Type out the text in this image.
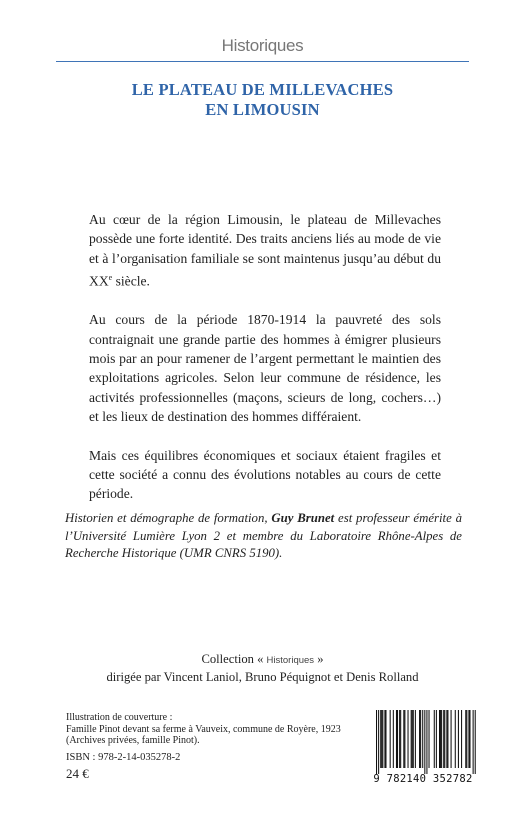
Historiques
LE PLATEAU DE MILLEVACHES
EN LIMOUSIN

Au cœur de la région Limousin, le plateau de Millevaches possède une forte identité. Des traits anciens liés au mode de vie et à l’organisation familiale se sont maintenus jusqu’au début du XXe siècle.

Au cours de la période 1870-1914 la pauvreté des sols contraignait une grande partie des hommes à émigrer plusieurs mois par an pour ramener de l’argent permettant le maintien des exploitations agricoles. Selon leur commune de résidence, les activités professionnelles (maçons, scieurs de long, cochers…) et les lieux de destination des hommes différaient.

Mais ces équilibres économiques et sociaux étaient fragiles et cette société a connu des évolutions notables au cours de cette période.

Historien et démographe de formation, Guy Brunet est professeur émérite à l’Université Lumière Lyon 2 et membre du Laboratoire Rhône-Alpes de Recherche Historique (UMR CNRS 5190).
Collection « Historiques »
dirigée par Vincent Laniol, Bruno Péquignot et Denis Rolland
Illustration de couverture :
Famille Pinot devant sa ferme à Vauveix, commune de Royère, 1923
(Archives privées, famille Pinot).
ISBN : 978-2-14-035278-2
24 €	9 782140 352782
